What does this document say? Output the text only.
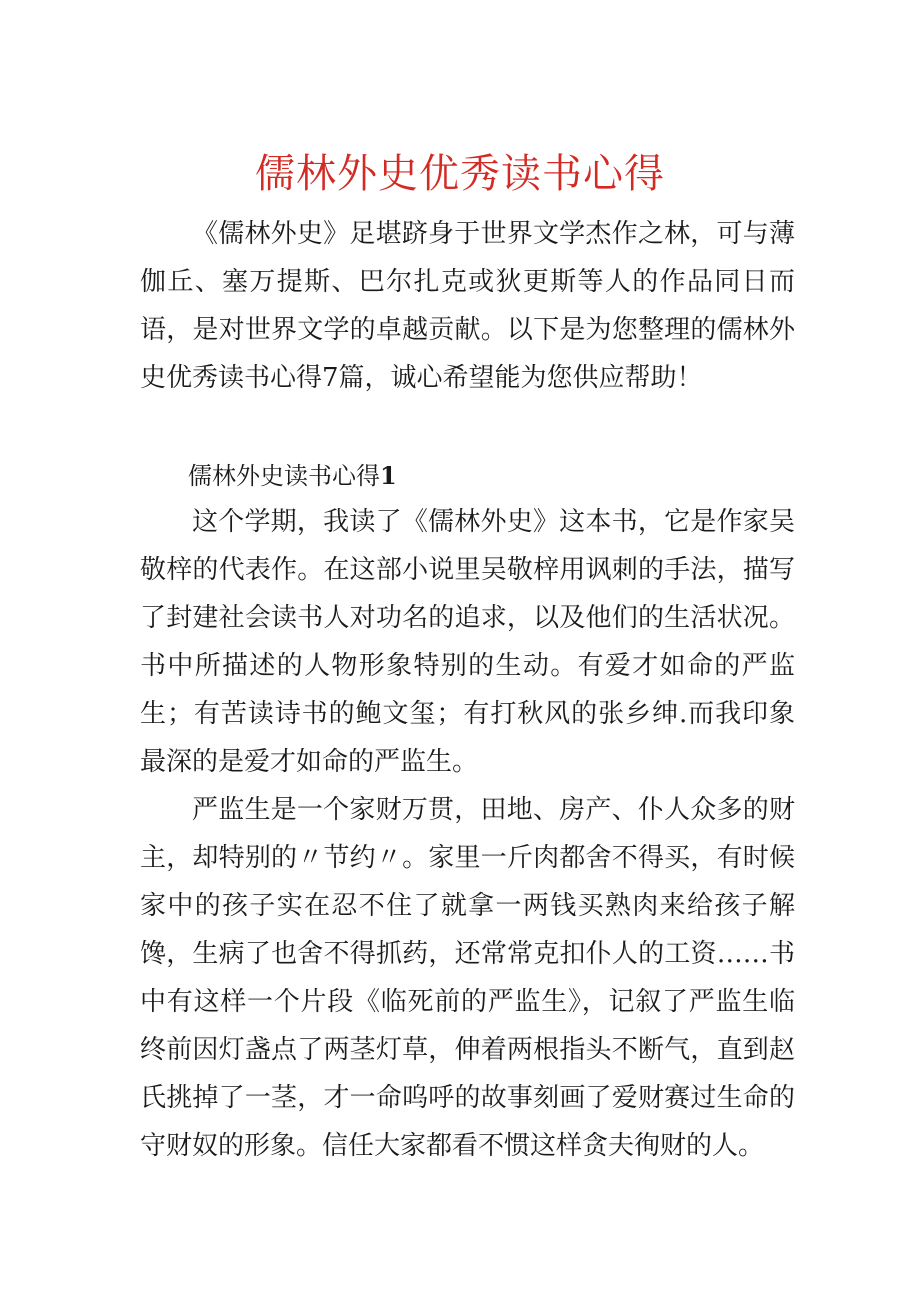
儒林外史优秀读书心得

《儒林外史》足堪跻身于世界文学杰作之林，可与薄伽丘、塞万提斯、巴尔扎克或狄更斯等人的作品同日而语，是对世界文学的卓越贡献。以下是为您整理的儒林外史优秀读书心得7篇，诚心希望能为您供应帮助！

儒林外史读书心得1

这个学期，我读了《儒林外史》这本书，它是作家吴敬梓的代表作。在这部小说里吴敬梓用讽刺的手法，描写了封建社会读书人对功名的追求，以及他们的生活状况。书中所描述的人物形象特别的生动。有爱才如命的严监生；有苦读诗书的鲍文玺；有打秋风的张乡绅.而我印象最深的是爱才如命的严监生。

严监生是一个家财万贯，田地、房产、仆人众多的财主，却特别的〃节约〃。家里一斤肉都舍不得买，有时候家中的孩子实在忍不住了就拿一两钱买熟肉来给孩子解馋，生病了也舍不得抓药，还常常克扣仆人的工资……书中有这样一个片段《临死前的严监生》，记叙了严监生临终前因灯盏点了两茎灯草，伸着两根指头不断气，直到赵氏挑掉了一茎，才一命呜呼的故事刻画了爱财赛过生命的守财奴的形象。信任大家都看不惯这样贪夫徇财的人。
